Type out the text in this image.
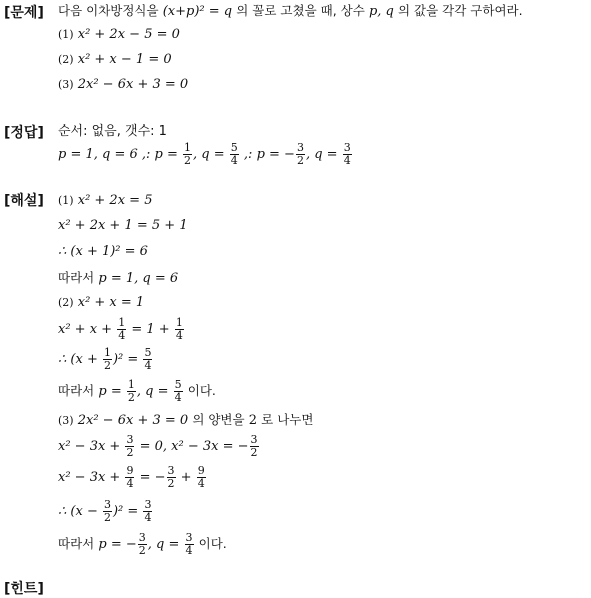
[문제]
[정답]
[해설]
[힌트]
다음 이차방정식을 (x+p)² = q 의 꼴로 고쳤을 때, 상수 p, q 의 값을 각각 구하여라.
(1) x² + 2x − 5 = 0
(2) x² + x − 1 = 0
(3) 2x² − 6x + 3 = 0
순서: 없음, 갯수: 1
p = 1, q = 6 ,: $p = \frac{1}{2}$ , $q = \frac{5}{4}$ ,: p = − $\frac{3}{2}$ , $q = \frac{3}{4}$
(1) x² + 2x = 5
x² + 2x + 1 = 5 + 1
∴ (x + 1)² = 6
따라서 p = 1, q = 6
(2) x² + x = 1
$x^2 + x + \frac{1}{4} = 1 + \frac{1}{4}$
∴ $(x + \frac{1}{2} )^2 = \frac{5}{4}$
따라서 $p = \frac{1}{2}$ , $q = \frac{5}{4}$ 이다.
(3) 2x² − 6x + 3 = 0 의 양변을 2 로 나누면
$x^2 - 3x + \frac{3}{2} = 0$, x² − 3x = − $\frac{3}{2}$
$x^2 - 3x + \frac{9}{4}$ = − $\frac{3}{2} + \frac{9}{4}$
∴ $(x - \frac{3}{2} )^2 = \frac{3}{4}$
따라서 p = − $\frac{3}{2}$ , $q = \frac{3}{4}$ 이다.
